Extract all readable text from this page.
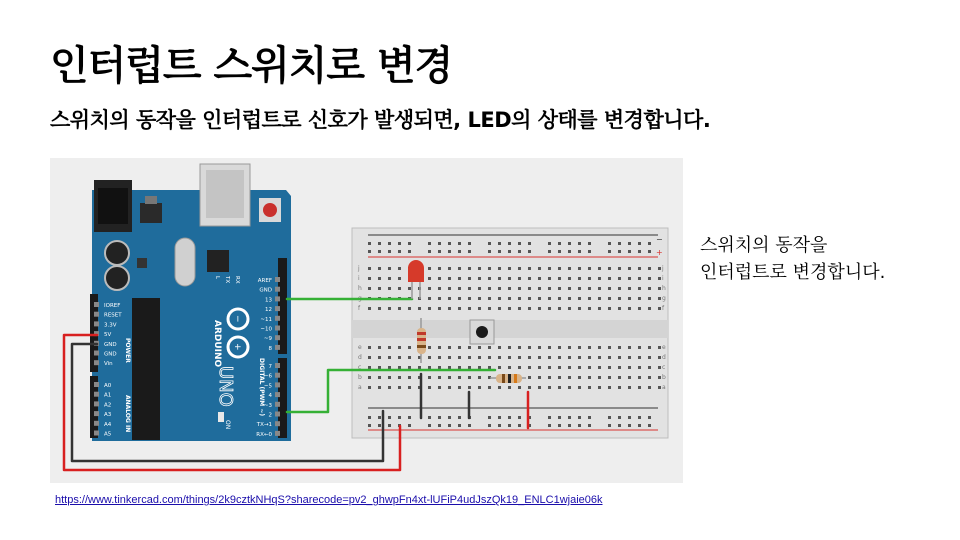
인터럽트 스위치로 변경

스위치의 동작을 인터럽트로 신호가 발생되면, LED의 상태를 변경합니다.

−
+
ARDUINO
UNO
ON
POWER
ANALOG IN	DIGITAL (PWM ~)
L TX RX
IOREF
RESET
3.3V
5V
GND
GND
Vin
A0
A1
A2
A3
A4
A5
AREF
GND
13
12
~11
~10
~9
8
7
~6
~5
4
~3
2
TX→1
RX←0
+
−
a	a
b	b
c	c
d	d
e	e
f	f
g	g
h	h
i	i
j	j
스위치의 동작을
인터럽트로 변경합니다.
https://www.tinkercad.com/things/2k9cztkNHqS?sharecode=pv2_ghwpFn4xt-lUFiP4udJszQk19_ENLC1wjaie06k
